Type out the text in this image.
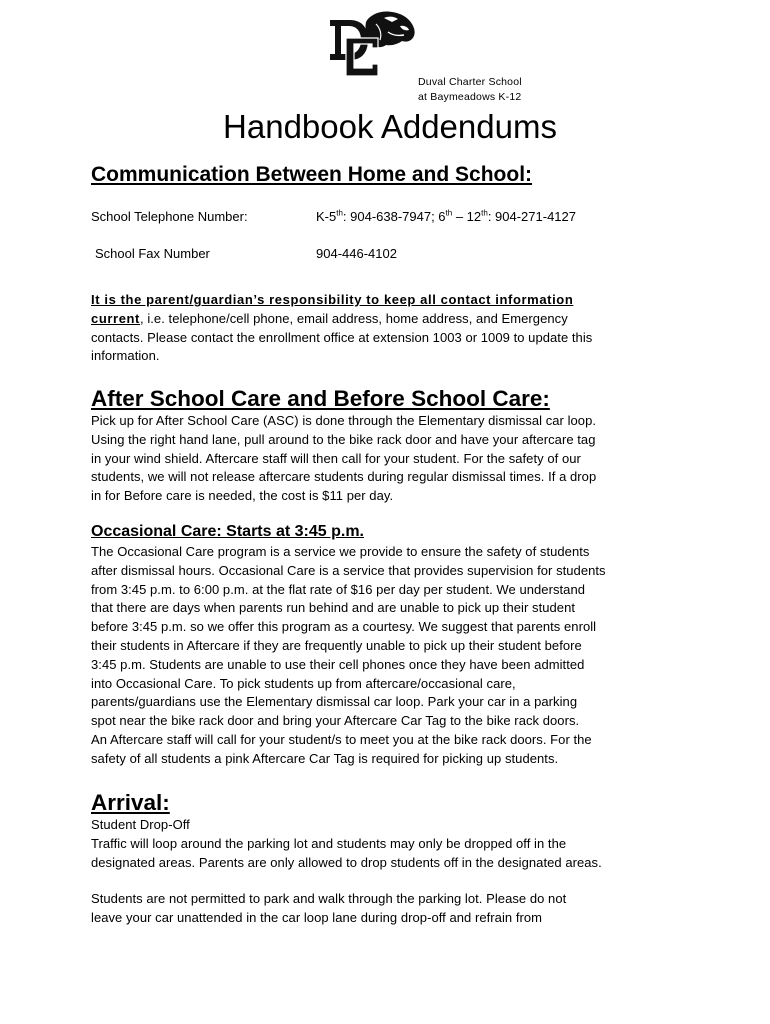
Duval Charter School
at Baymeadows K-12
Handbook Addendums
Communication Between Home and School:
School Telephone Number:	K-5th: 904-638-7947; 6th – 12th: 904-271-4127
School Fax Number	904-446-4102

It is the parent/guardian’s responsibility to keep all contact information
current, i.e. telephone/cell phone, email address, home address, and Emergency
contacts. Please contact the enrollment office at extension 1003 or 1009 to update this
information.

After School Care and Before School Care:

Pick up for After School Care (ASC) is done through the Elementary dismissal car loop.
Using the right hand lane, pull around to the bike rack door and have your aftercare tag
in your wind shield. Aftercare staff will then call for your student. For the safety of our
students, we will not release aftercare students during regular dismissal times. If a drop
in for Before care is needed, the cost is $11 per day.

Occasional Care: Starts at 3:45 p.m.

The Occasional Care program is a service we provide to ensure the safety of students
after dismissal hours. Occasional Care is a service that provides supervision for students
from 3:45 p.m. to 6:00 p.m. at the flat rate of $16 per day per student. We understand
that there are days when parents run behind and are unable to pick up their student
before 3:45 p.m. so we offer this program as a courtesy. We suggest that parents enroll
their students in Aftercare if they are frequently unable to pick up their student before
3:45 p.m. Students are unable to use their cell phones once they have been admitted
into Occasional Care. To pick students up from aftercare/occasional care,
parents/guardians use the Elementary dismissal car loop. Park your car in a parking
spot near the bike rack door and bring your Aftercare Car Tag to the bike rack doors.
An Aftercare staff will call for your student/s to meet you at the bike rack doors. For the
safety of all students a pink Aftercare Car Tag is required for picking up students.

Arrival:

Student Drop-Off
Traffic will loop around the parking lot and students may only be dropped off in the
designated areas. Parents are only allowed to drop students off in the designated areas.

Students are not permitted to park and walk through the parking lot. Please do not
leave your car unattended in the car loop lane during drop-off and refrain from
